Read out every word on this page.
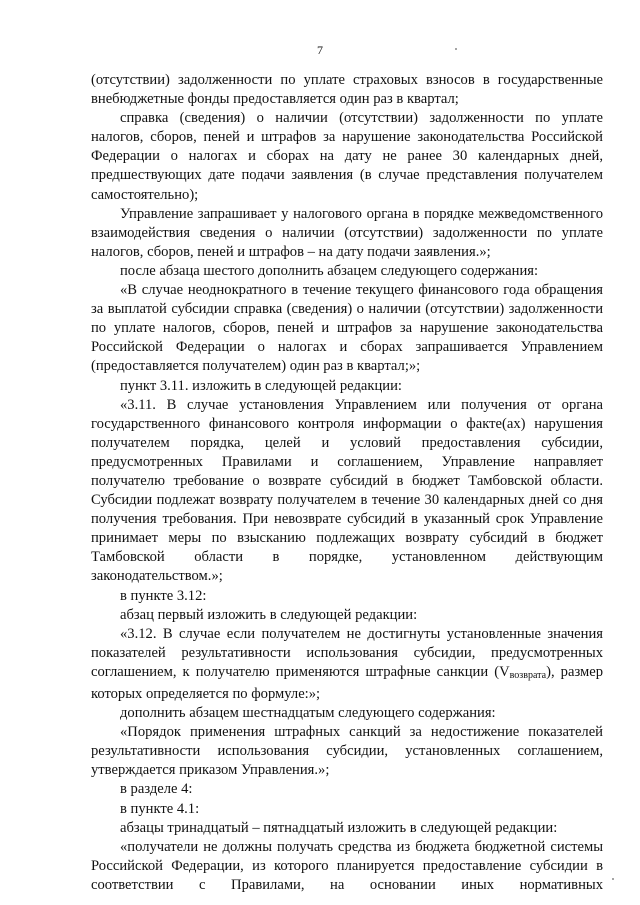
7

(отсутствии) задолженности по уплате страховых взносов в государственные внебюджетные фонды предоставляется один раз в квартал;

справка (сведения) о наличии (отсутствии) задолженности по уплате налогов, сборов, пеней и штрафов за нарушение законодательства Российской Федерации о налогах и сборах на дату не ранее 30 календарных дней, предшествующих дате подачи заявления (в случае представления получателем самостоятельно);

Управление запрашивает у налогового органа в порядке межведомственного взаимодействия сведения о наличии (отсутствии) задолженности по уплате налогов, сборов, пеней и штрафов – на дату подачи заявления.»;

после абзаца шестого дополнить абзацем следующего содержания:

«В случае неоднократного в течение текущего финансового года обращения за выплатой субсидии справка (сведения) о наличии (отсутствии) задолженности по уплате налогов, сборов, пеней и штрафов за нарушение законодательства Российской Федерации о налогах и сборах запрашивается Управлением (предоставляется получателем) один раз в квартал;»;

пункт 3.11. изложить в следующей редакции:

«3.11. В случае установления Управлением или получения от органа государственного финансового контроля информации о факте(ах) нарушения получателем порядка, целей и условий предоставления субсидии, предусмотренных Правилами и соглашением, Управление направляет получателю требование о возврате субсидий в бюджет Тамбовской области. Субсидии подлежат возврату получателем в течение 30 календарных дней со дня получения требования. При невозврате субсидий в указанный срок Управление принимает меры по взысканию подлежащих возврату субсидий в бюджет Тамбовской области в порядке, установленном действующим законодательством.»;

в пункте 3.12:

абзац первый изложить в следующей редакции:

«3.12. В случае если получателем не достигнуты установленные значения показателей результативности использования субсидии, предусмотренных соглашением, к получателю применяются штрафные санкции $(V_{возврата})$, размер которых определяется по формуле:»;

дополнить абзацем шестнадцатым следующего содержания:

«Порядок применения штрафных санкций за недостижение показателей результативности использования субсидии, установленных соглашением, утверждается приказом Управления.»;

в разделе 4:

в пункте 4.1:

абзацы тринадцатый – пятнадцатый изложить в следующей редакции:

«получатели не должны получать средства из бюджета бюджетной системы Российской Федерации, из которого планируется предоставление субсидии в соответствии с Правилами, на основании иных нормативных
